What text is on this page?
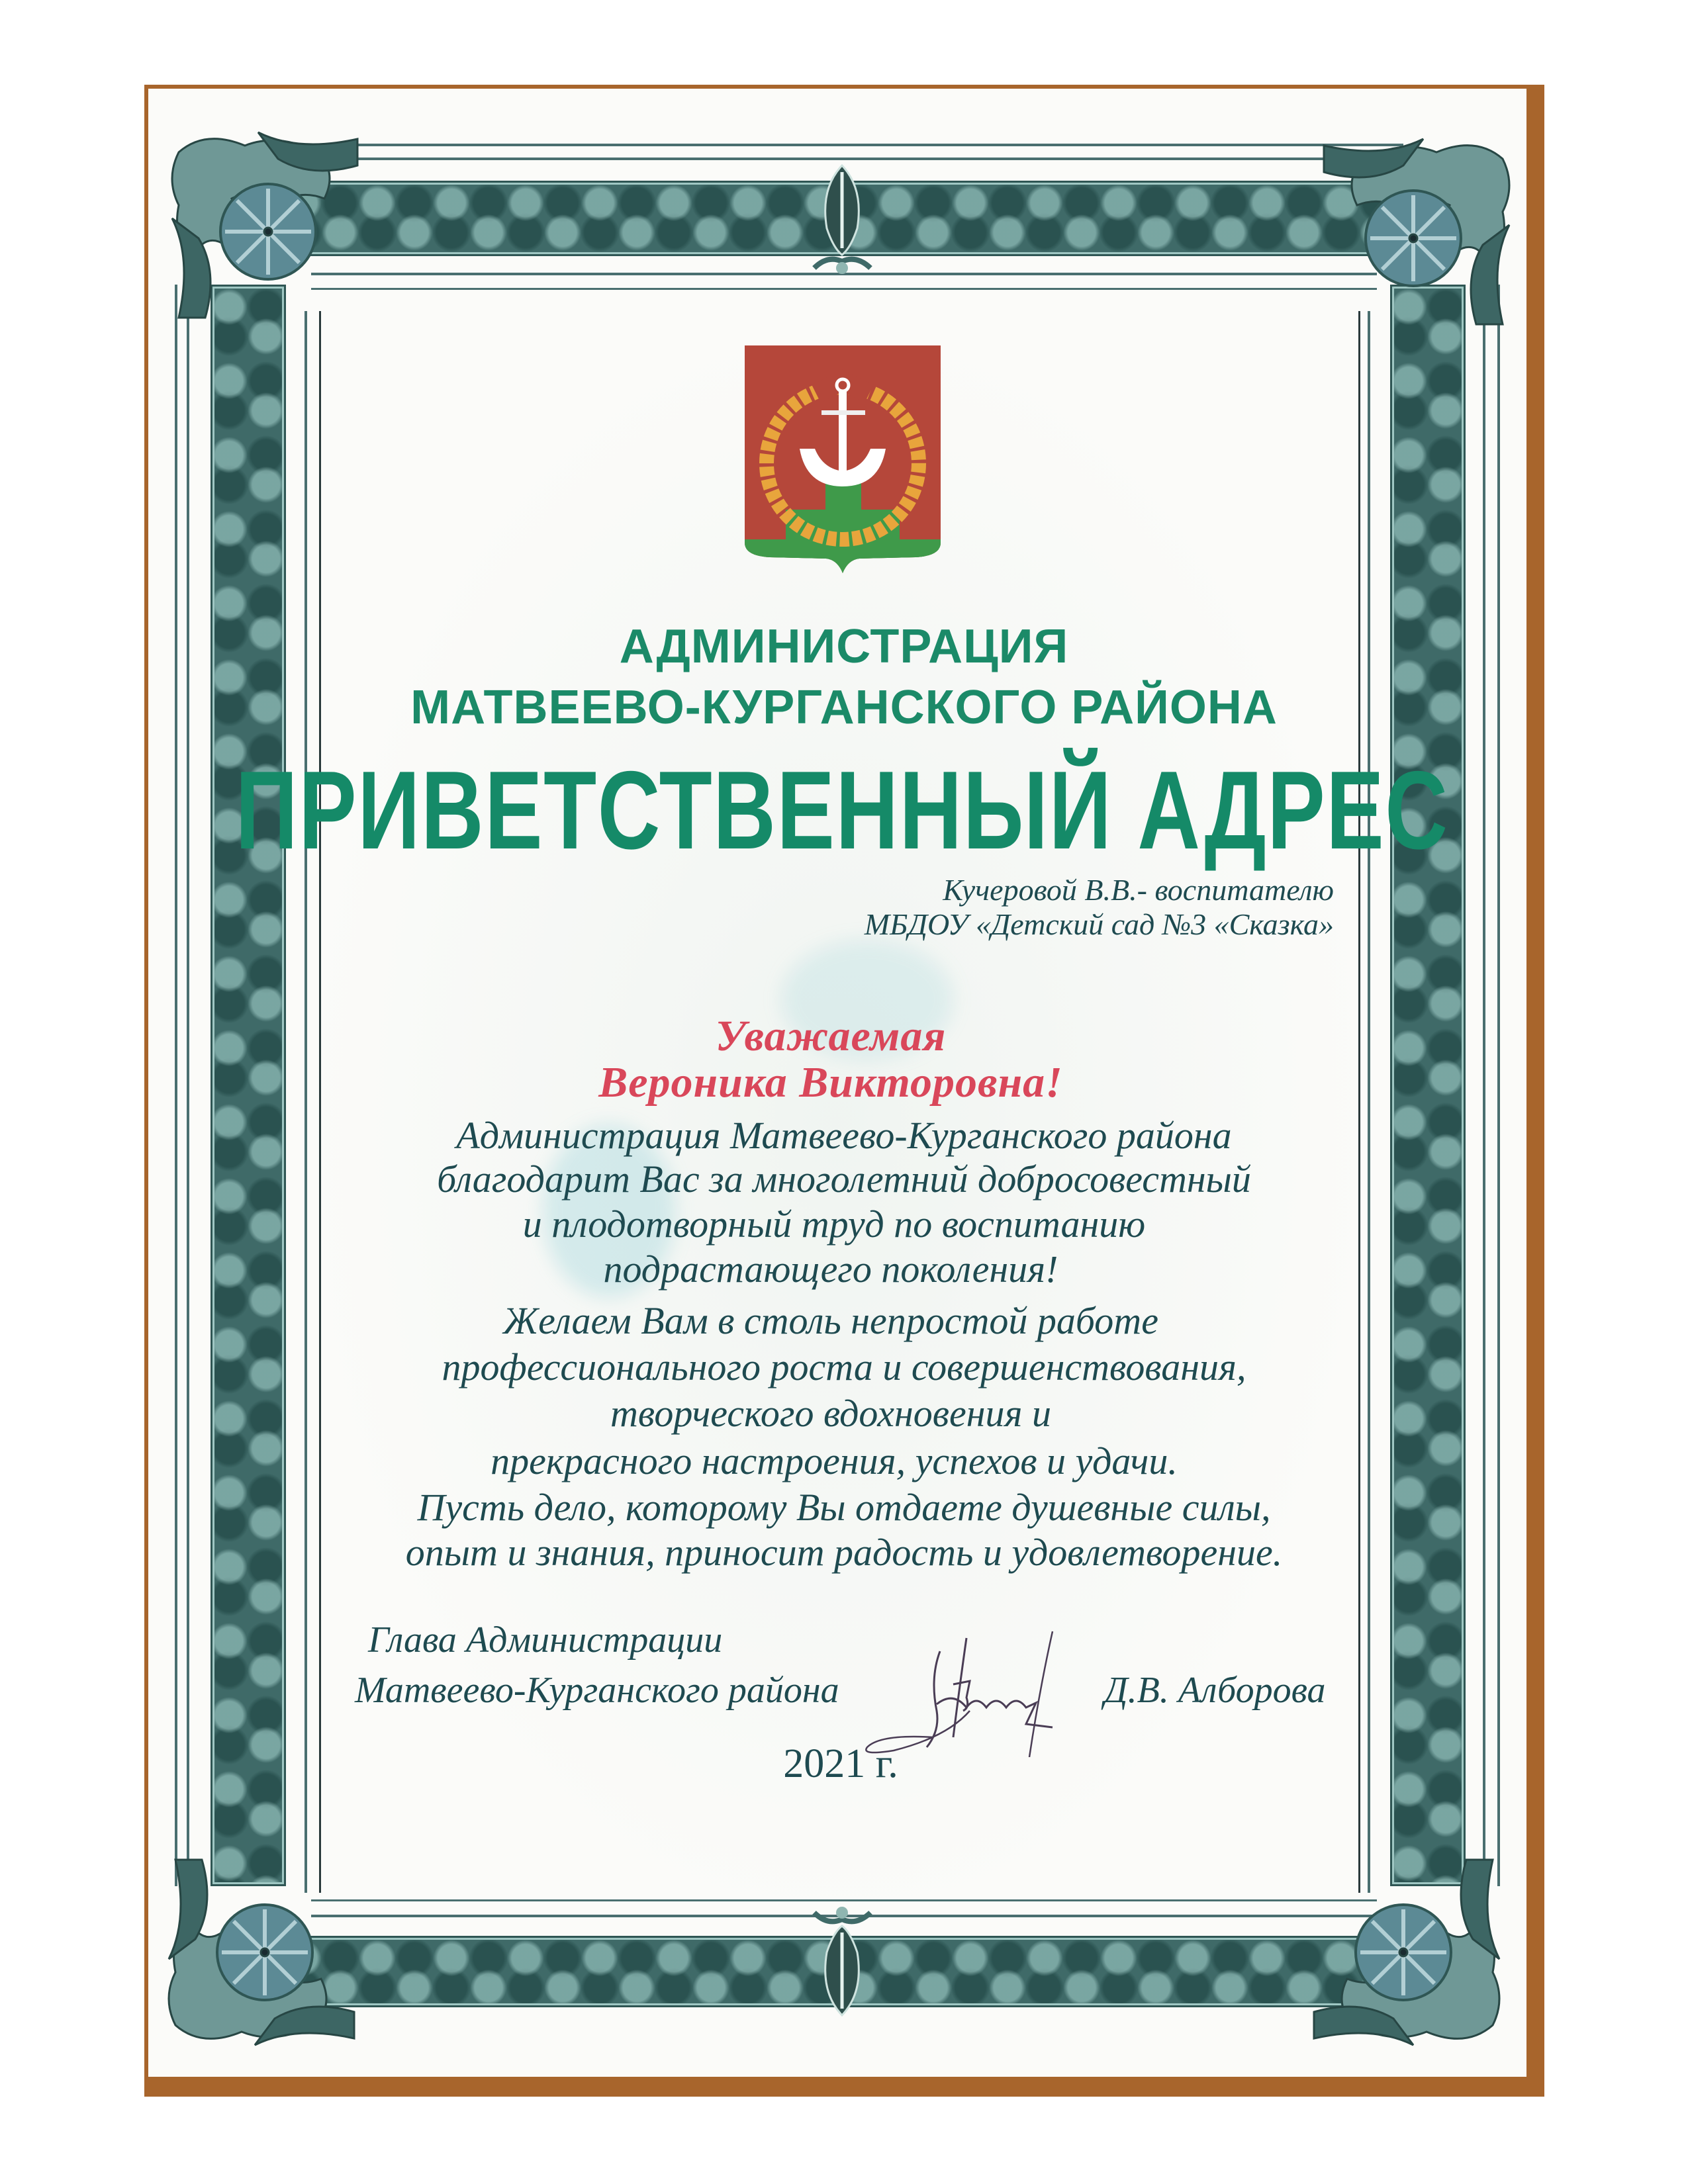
АДМИНИСТРАЦИЯ
МАТВЕЕВО-КУРГАНСКОГО РАЙОНА
ПРИВЕТСТВЕННЫЙ АДРЕС
Кучеровой В.В.- воспитателю
МБДОУ «Детский сад №3 «Сказка»
Уважаемая
Вероника Викторовна!
Администрация Матвеево-Курганского района
благодарит Вас за многолетний добросовестный
и плодотворный труд по воспитанию
подрастающего поколения!
Желаем Вам в столь непростой работе
профессионального роста и совершенствования,
творческого вдохновения и
прекрасного настроения, успехов и удачи.
Пусть дело, которому Вы отдаете душевные силы,
опыт и знания, приносит радость и удовлетворение.
Глава Администрации
Матвеево-Курганского района	Д.В. Алборова
2021 г.
